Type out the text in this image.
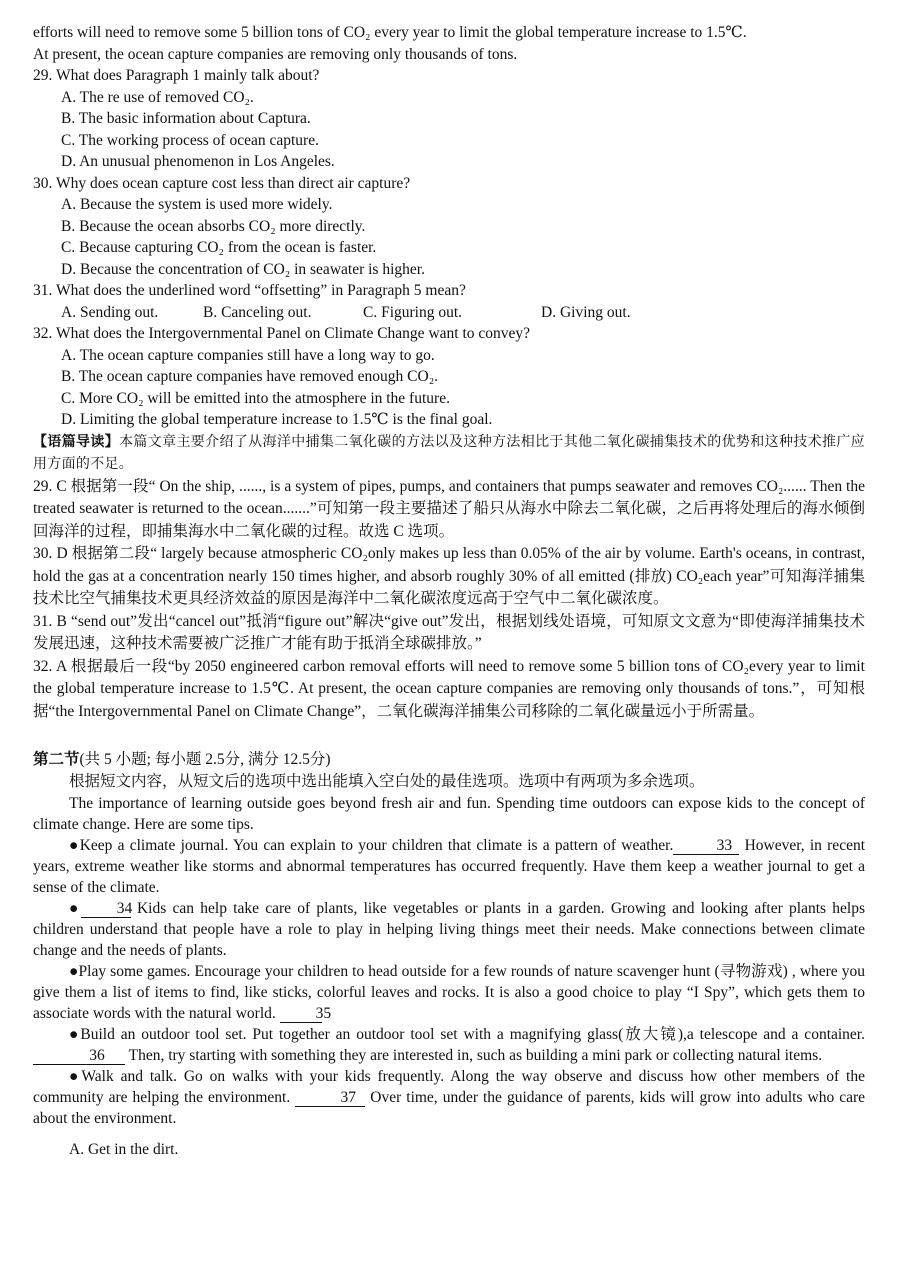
efforts will need to remove some 5 billion tons of CO₂ every year to limit the global temperature increase to 1.5℃.
At present, the ocean capture companies are removing only thousands of tons.
29. What does Paragraph 1 mainly talk about?
A. The re use of removed CO₂.
B. The basic information about Captura.
C. The working process of ocean capture.
D. An unusual phenomenon in Los Angeles.
30. Why does ocean capture cost less than direct air capture?
A. Because the system is used more widely.
B. Because the ocean absorbs CO₂ more directly.
C. Because capturing CO₂ from the ocean is faster.
D. Because the concentration of CO₂ in seawater is higher.
31. What does the underlined word “offsetting” in Paragraph 5 mean?
A. Sending out.	B. Canceling out.	C. Figuring out.	D. Giving out.
32. What does the Intergovernmental Panel on Climate Change want to convey?
A. The ocean capture companies still have a long way to go.
B. The ocean capture companies have removed enough CO₂.
C. More CO₂ will be emitted into the atmosphere in the future.
D. Limiting the global temperature increase to 1.5℃ is the final goal.
【语篇导读】本篇文章主要介绍了从海洋中捕集二氧化碳的方法以及这种方法相比于其他二氧化碳捕集技术的优势和这种技术推广应用方面的不足。
29. C 根据第一段“ On the ship, ......, is a system of pipes, pumps, and containers that pumps seawater and removes CO₂...... Then the treated seawater is returned to the ocean.......”可知第一段主要描述了船只从海水中除去二氧化碳，之后再将处理后的海水倾倒回海洋的过程，即捕集海水中二氧化碳的过程。故选 C 选项。
30. D 根据第二段“ largely because atmospheric CO₂only makes up less than 0.05% of the air by volume. Earth's oceans, in contrast, hold the gas at a concentration nearly 150 times higher, and absorb roughly 30% of all emitted (排放) CO₂each year”可知海洋捕集技术比空气捕集技术更具经济效益的原因是海洋中二氧化碳浓度远高于空气中二氧化碳浓度。
31. B “send out”发出“cancel out”抵消“figure out”解决“give out”发出，根据划线处语境，可知原文文意为“即使海洋捕集技术发展迅速，这种技术需要被广泛推广才能有助于抵消全球碳排放。”
32. A 根据最后一段“by 2050 engineered carbon removal efforts will need to remove some 5 billion tons of CO₂every year to limit the global temperature increase to 1.5℃. At present, the ocean capture companies are removing only thousands of tons.”，可知根据“the Intergovernmental Panel on Climate Change”，二氧化碳海洋捕集公司移除的二氧化碳量远小于所需量。
第二节(共 5 小题; 每小题 2.5分, 满分 12.5分)
根据短文内容，从短文后的选项中选出能填入空白处的最佳选项。选项中有两项为多余选项。
The importance of learning outside goes beyond fresh air and fun. Spending time outdoors can expose kids to the concept of climate change. Here are some tips.
●Keep a climate journal. You can explain to your children that climate is a pattern of weather.	33 However, in recent years, extreme weather like storms and abnormal temperatures has occurred frequently. Have them keep a weather journal to get a sense of the climate.
● 34 Kids can help take care of plants, like vegetables or plants in a garden. Growing and looking after plants helps children understand that people have a role to play in helping living things meet their needs. Make connections between climate change and the needs of plants.
●Play some games. Encourage your children to head outside for a few rounds of nature scavenger hunt (寻物游戏) , where you give them a list of items to find, like sticks, colorful leaves and rocks. It is also a good choice to play “I Spy”, which gets them to associate words with the natural world.	35
●Build an outdoor tool set. Put together an outdoor tool set with a magnifying glass(放大镜),a telescope and a container. 36 Then, try starting with something they are interested in, such as building a mini park or collecting natural items.
●Walk and talk. Go on walks with your kids frequently. Along the way observe and discuss how other members of the community are helping the environment.	37 Over time, under the guidance of parents, kids will grow into adults who care about the environment.
A. Get in the dirt.
